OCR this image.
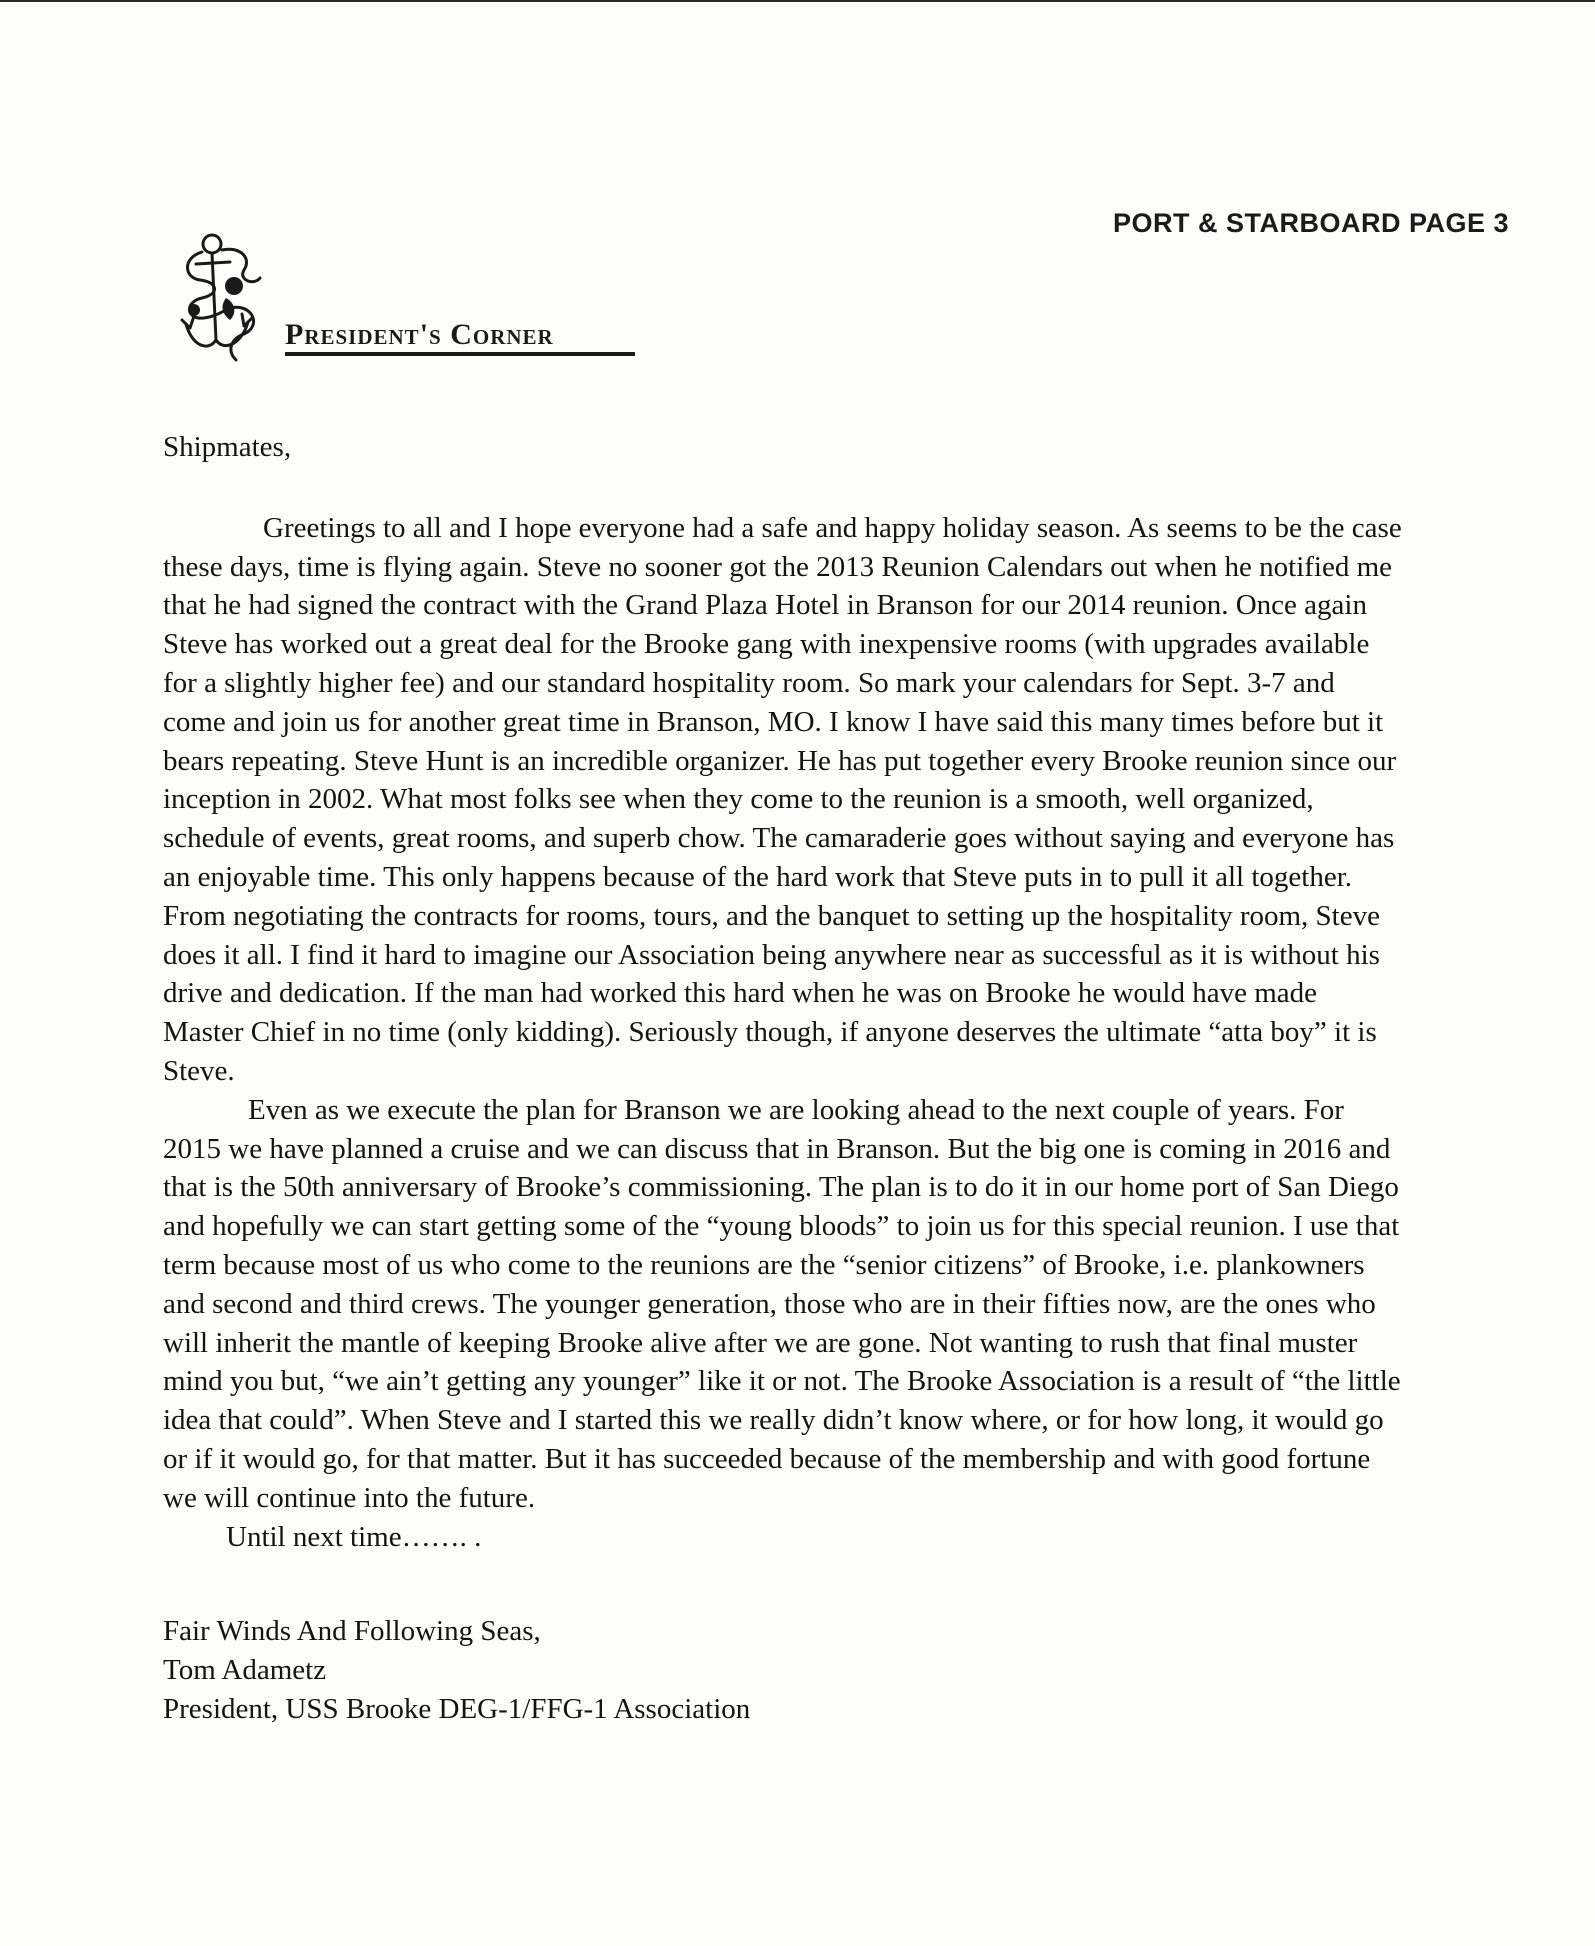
PORT & STARBOARD PAGE 3
President's Corner

Shipmates,

Greetings to all and I hope everyone had a safe and happy holiday season. As seems to be the case these days, time is flying again. Steve no sooner got the 2013 Reunion Calendars out when he notified me that he had signed the contract with the Grand Plaza Hotel in Branson for our 2014 reunion. Once again Steve has worked out a great deal for the Brooke gang with inexpensive rooms (with upgrades available for a slightly higher fee) and our standard hospitality room. So mark your calendars for Sept. 3-7 and come and join us for another great time in Branson, MO. I know I have said this many times before but it bears repeating. Steve Hunt is an incredible organizer. He has put together every Brooke reunion since our inception in 2002. What most folks see when they come to the reunion is a smooth, well organized, schedule of events, great rooms, and superb chow. The camaraderie goes without saying and everyone has an enjoyable time. This only happens because of the hard work that Steve puts in to pull it all together. From negotiating the contracts for rooms, tours, and the banquet to setting up the hospitality room, Steve does it all. I find it hard to imagine our Association being anywhere near as successful as it is without his drive and dedication. If the man had worked this hard when he was on Brooke he would have made Master Chief in no time (only kidding). Seriously though, if anyone deserves the ultimate “atta boy” it is Steve.

Even as we execute the plan for Branson we are looking ahead to the next couple of years. For 2015 we have planned a cruise and we can discuss that in Branson. But the big one is coming in 2016 and that is the 50th anniversary of Brooke’s commissioning. The plan is to do it in our home port of San Diego and hopefully we can start getting some of the “young bloods” to join us for this special reunion. I use that term because most of us who come to the reunions are the “senior citizens” of Brooke, i.e. plankowners and second and third crews. The younger generation, those who are in their fifties now, are the ones who will inherit the mantle of keeping Brooke alive after we are gone. Not wanting to rush that final muster mind you but, “we ain’t getting any younger” like it or not. The Brooke Association is a result of “the little idea that could”. When Steve and I started this we really didn’t know where, or for how long, it would go or if it would go, for that matter. But it has succeeded because of the membership and with good fortune we will continue into the future.

Until next time……. .

Fair Winds And Following Seas,
Tom Adametz
President, USS Brooke DEG-1/FFG-1 Association
